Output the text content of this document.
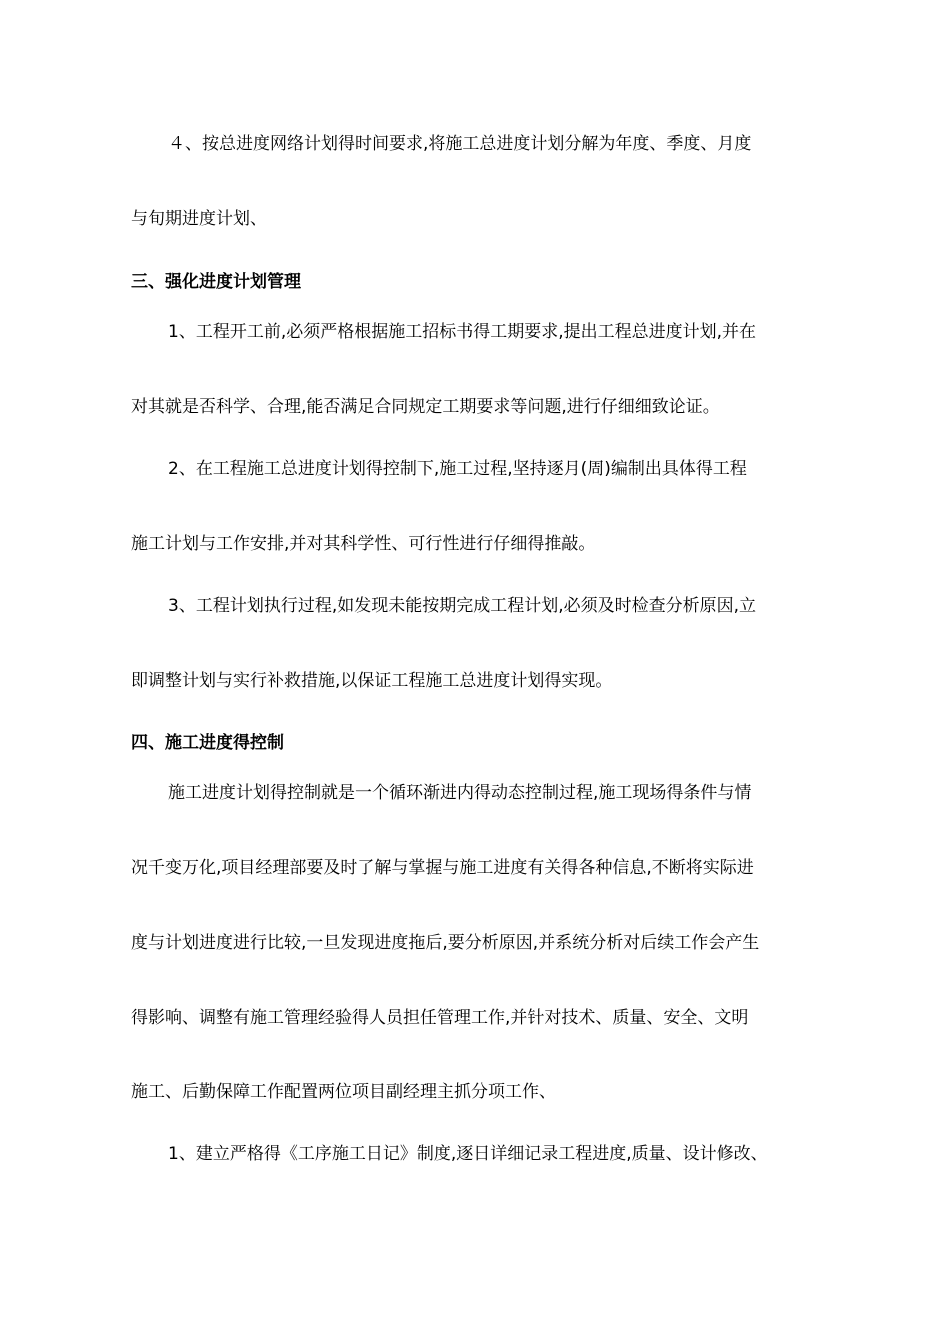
４、按总进度网络计划得时间要求,将施工总进度计划分解为年度、季度、月度
与旬期进度计划、
三、强化进度计划管理
1、工程开工前,必须严格根据施工招标书得工期要求,提出工程总进度计划,并在
对其就是否科学、合理,能否满足合同规定工期要求等问题,进行仔细细致论证。
2、在工程施工总进度计划得控制下,施工过程,坚持逐月(周)编制出具体得工程
施工计划与工作安排,并对其科学性、可行性进行仔细得推敲。
3、工程计划执行过程,如发现未能按期完成工程计划,必须及时检查分析原因,立
即调整计划与实行补救措施,以保证工程施工总进度计划得实现。
四、施工进度得控制
施工进度计划得控制就是一个循环渐进内得动态控制过程,施工现场得条件与情
况千变万化,项目经理部要及时了解与掌握与施工进度有关得各种信息,不断将实际进
度与计划进度进行比较,一旦发现进度拖后,要分析原因,并系统分析对后续工作会产生
得影响、调整有施工管理经验得人员担任管理工作,并针对技术、质量、安全、文明
施工、后勤保障工作配置两位项目副经理主抓分项工作、
1、建立严格得《工序施工日记》制度,逐日详细记录工程进度,质量、设计修改、
